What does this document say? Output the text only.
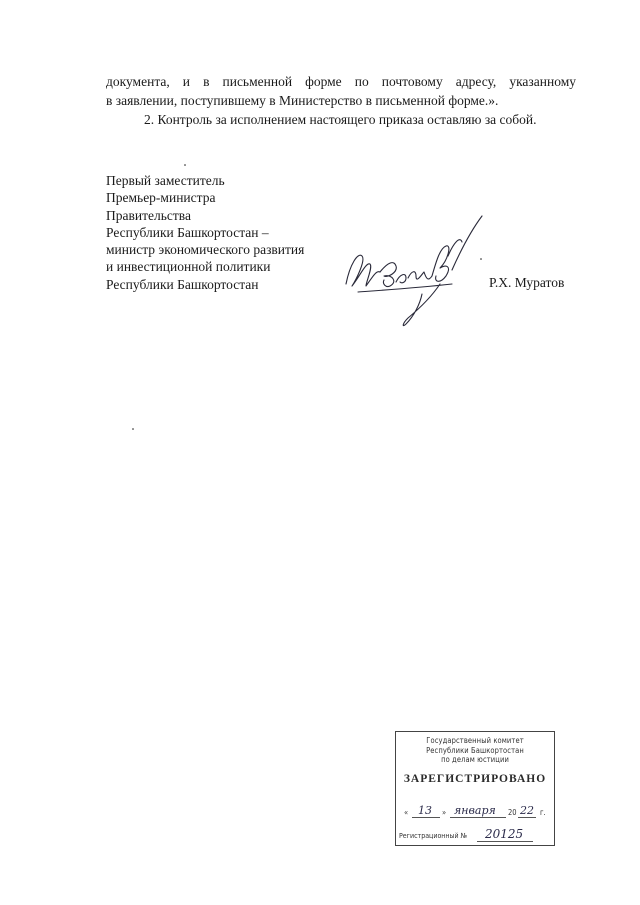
документа, и в письменной форме по почтовому адресу, указанному
в заявлении, поступившему в Министерство в письменной форме.».
2. Контроль за исполнением настоящего приказа оставляю за собой.
Первый заместитель
Премьер-министра
Правительства
Республики Башкортостан –
министр экономического развития
и инвестиционной политики
Республики Башкортостан	Р.Х. Муратов
Государственный комитет
Республики Башкортостан
по делам юстиции
ЗАРЕГИСТРИРОВАНО
« 13 » января 20 22 г.
Регистрационный № 20125
